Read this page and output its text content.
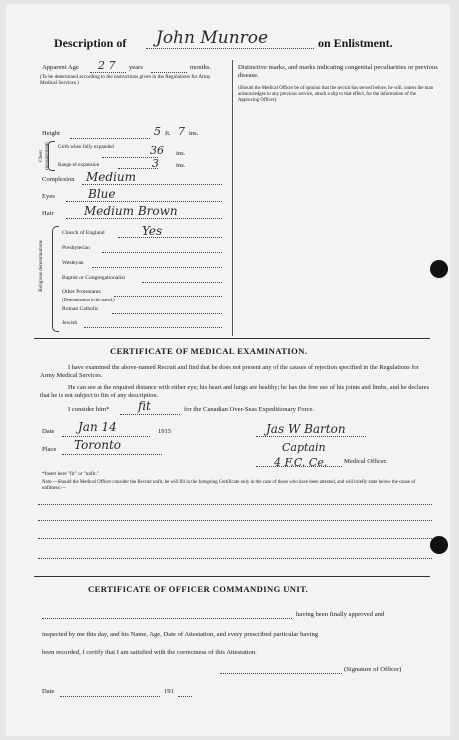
Description of John Munroe	on Enlistment.
Apparent Age 2 7 years	months.
(To be determined according to the instructions given in the Regulations for Army Medical Services.)
Height	5 ft. 7 ins.
Chest measurement Girth when fully expanded	36 ins.
Range of expansion	3	ins.
Complexion Medium
Eyes	Blue
Hair	Medium Brown
Religious denominations
Church of England	Yes
Presbyterian
Wesleyan
Baptist or Congregationalist
Other Protestants
(Denomination to be stated.)
Roman Catholic
Jewish
Distinctive marks, and marks indicating congenital peculiarities or previous disease.
(Should the Medical Officer be of opinion that the recruit has served before, he will, unless the man acknowledges to any previous service, attach a slip to that effect, for the information of the Approving Officer).
CERTIFICATE OF MEDICAL EXAMINATION.
I have examined the above-named Recruit and find that he does not present any of the causes of rejection specified in the Regulations for Army Medical Services.
He can see at the required distance with either eye; his heart and lungs are healthy; he has the free use of his joints and limbs, and he declares that he is not subject to fits of any description.
I consider him* fit	for the Canadian Over-Seas Expeditionary Force.
Date Jan 14	1915
Place Toronto
Jas W Barton
Captain
4 F.C. Ce.	Medical Officer.
*Insert here "fit" or "unfit."
Note.—Should the Medical Officer consider the Recruit unfit, he will fill in the foregoing Certificate only in the case of those who have been attested, and will briefly state below the cause of unfitness:—
CERTIFICATE OF OFFICER COMMANDING UNIT.
having been finally approved and
inspected by me this day, and his Name, Age, Date of Attestation, and every prescribed particular having
been recorded, I certify that I am satisfied with the correctness of this Attestation.
(Signature of Officer)
Date	191
